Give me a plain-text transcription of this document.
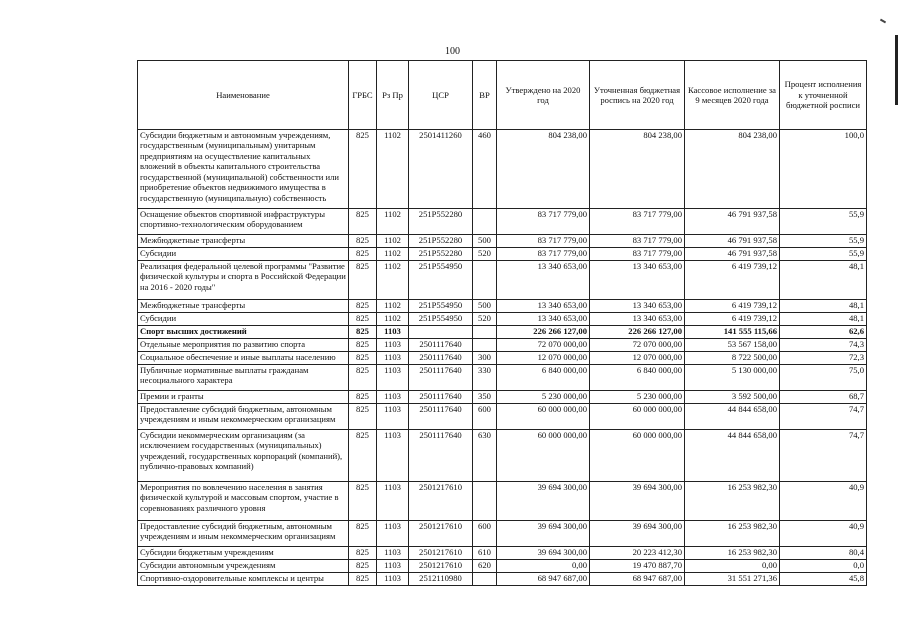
100
Наименование	ГРБС	Рз Пр	ЦСР	ВР	Утверждено на 2020 год	Уточненная бюджетная роспись на 2020 год	Кассовое исполнение за 9 месяцев 2020 года	Процент исполнения к уточненной бюджетной росписи
Субсидии бюджетным и автономным учреждениям, государственным (муниципальным) унитарным предприятиям на осуществление капитальных вложений в объекты капитального строительства государственной (муниципальной) собственности или приобретение объектов недвижимого имущества в государственную (муниципальную) собственность	825	1102	2501411260	460	804 238,00	804 238,00	804 238,00	100,0
Оснащение объектов спортивной инфраструктуры спортивно-технологическим оборудованием	825	1102	251P552280		83 717 779,00	83 717 779,00	46 791 937,58	55,9
Межбюджетные трансферты	825	1102	251P552280	500	83 717 779,00	83 717 779,00	46 791 937,58	55,9
Субсидии	825	1102	251P552280	520	83 717 779,00	83 717 779,00	46 791 937,58	55,9
Реализация федеральной целевой программы "Развитие физической культуры и спорта в Российской Федерации на 2016 - 2020 годы"	825	1102	251P554950		13 340 653,00	13 340 653,00	6 419 739,12	48,1
Межбюджетные трансферты	825	1102	251P554950	500	13 340 653,00	13 340 653,00	6 419 739,12	48,1
Субсидии	825	1102	251P554950	520	13 340 653,00	13 340 653,00	6 419 739,12	48,1
Спорт высших достижений	825	1103			226 266 127,00	226 266 127,00	141 555 115,66	62,6
Отдельные мероприятия по развитию спорта	825	1103	2501117640		72 070 000,00	72 070 000,00	53 567 158,00	74,3
Социальное обеспечение и иные выплаты населению	825	1103	2501117640	300	12 070 000,00	12 070 000,00	8 722 500,00	72,3
Публичные нормативные выплаты гражданам несоциального характера	825	1103	2501117640	330	6 840 000,00	6 840 000,00	5 130 000,00	75,0
Премии и гранты	825	1103	2501117640	350	5 230 000,00	5 230 000,00	3 592 500,00	68,7
Предоставление субсидий бюджетным, автономным учреждениям и иным некоммерческим организациям	825	1103	2501117640	600	60 000 000,00	60 000 000,00	44 844 658,00	74,7
Субсидии некоммерческим организациям (за исключением государственных (муниципальных) учреждений, государственных корпораций (компаний), публично-правовых компаний)	825	1103	2501117640	630	60 000 000,00	60 000 000,00	44 844 658,00	74,7
Мероприятия по вовлечению населения в занятия физической культурой и массовым спортом, участие в соревнованиях различного уровня	825	1103	2501217610		39 694 300,00	39 694 300,00	16 253 982,30	40,9
Предоставление субсидий бюджетным, автономным учреждениям и иным некоммерческим организациям	825	1103	2501217610	600	39 694 300,00	39 694 300,00	16 253 982,30	40,9
Субсидии бюджетным учреждениям	825	1103	2501217610	610	39 694 300,00	20 223 412,30	16 253 982,30	80,4
Субсидии автономным учреждениям	825	1103	2501217610	620	0,00	19 470 887,70	0,00	0,0
Спортивно-оздоровительные комплексы и центры	825	1103	2512110980		68 947 687,00	68 947 687,00	31 551 271,36	45,8
